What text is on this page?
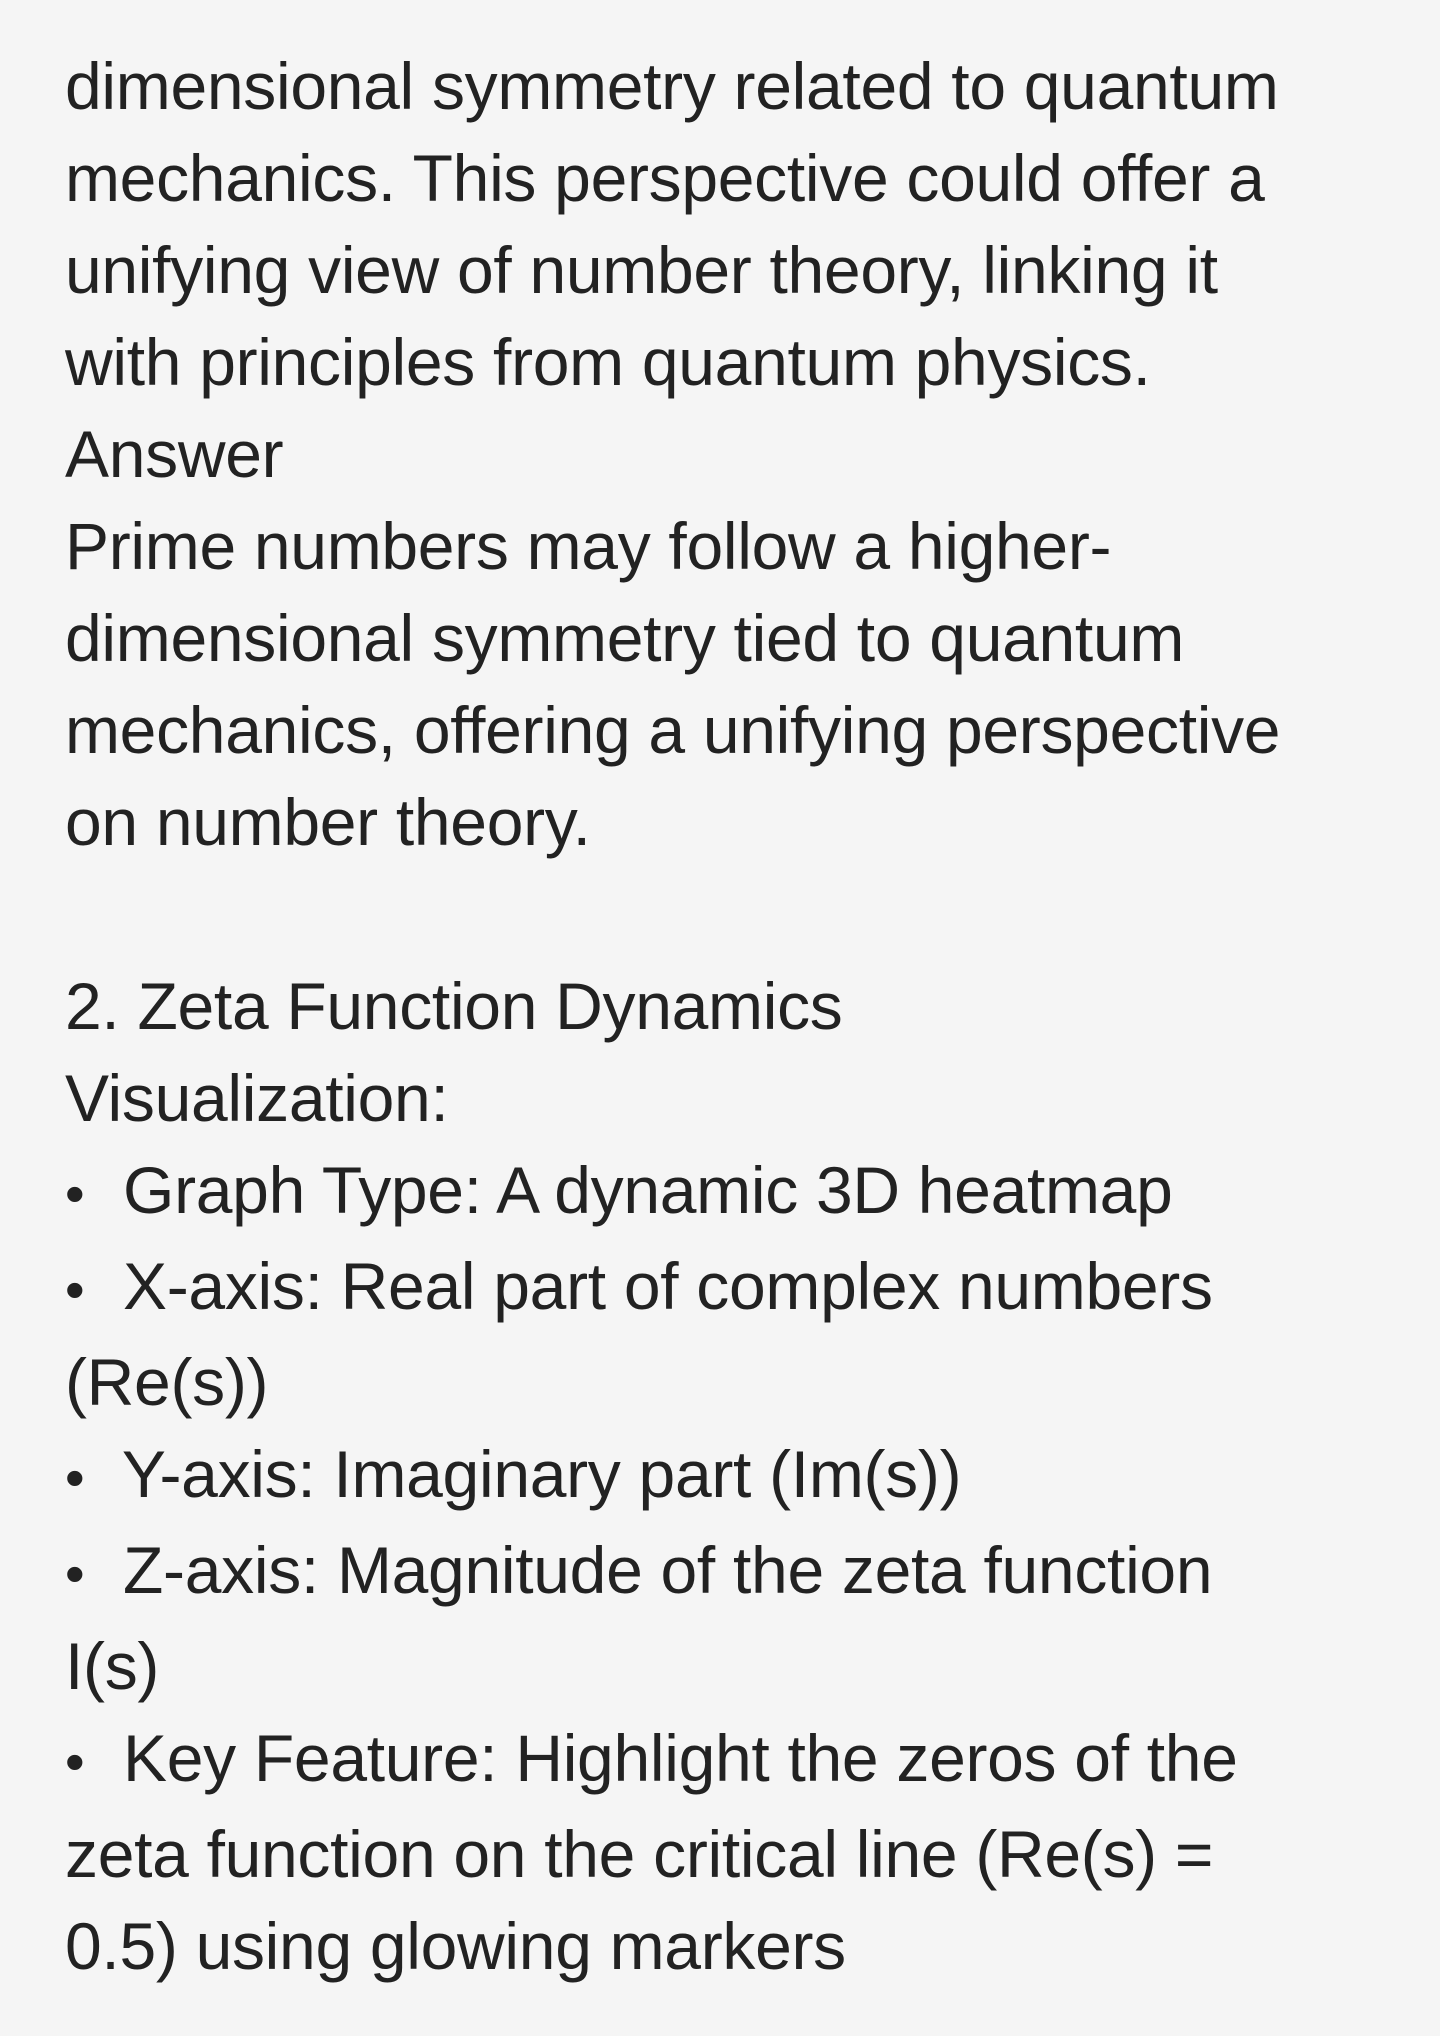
dimensional symmetry related to quantum

mechanics. This perspective could offer a

unifying view of number theory, linking it

with principles from quantum physics.

Answer

Prime numbers may follow a higher-

dimensional symmetry tied to quantum

mechanics, offering a unifying perspective

on number theory.

2. Zeta Function Dynamics

Visualization:

• Graph Type: A dynamic 3D heatmap

• X-axis: Real part of complex numbers

(Re(s))

• Y-axis: Imaginary part (Im(s))

• Z-axis: Magnitude of the zeta function

I(s)

• Key Feature: Highlight the zeros of the

zeta function on the critical line (Re(s) =

0.5) using glowing markers
